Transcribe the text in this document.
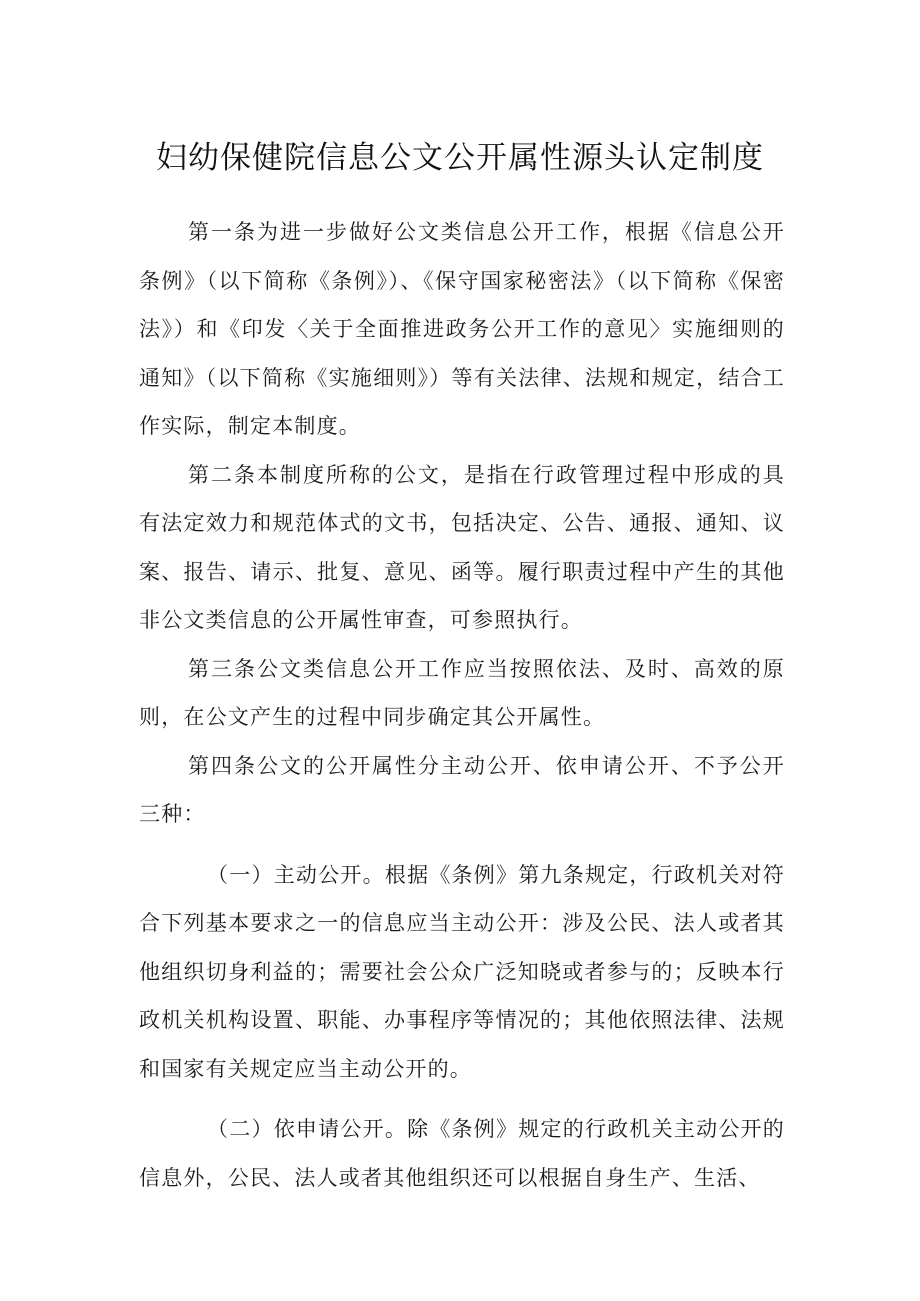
妇幼保健院信息公文公开属性源头认定制度

第一条为进一步做好公文类信息公开工作，根据《信息公开条例》（以下简称《条例》）、《保守国家秘密法》（以下简称《保密法》）和《印发〈关于全面推进政务公开工作的意见〉实施细则的通知》（以下简称《实施细则》）等有关法律、法规和规定，结合工作实际，制定本制度。

第二条本制度所称的公文，是指在行政管理过程中形成的具有法定效力和规范体式的文书，包括决定、公告、通报、通知、议案、报告、请示、批复、意见、函等。履行职责过程中产生的其他非公文类信息的公开属性审查，可参照执行。

第三条公文类信息公开工作应当按照依法、及时、高效的原则，在公文产生的过程中同步确定其公开属性。

第四条公文的公开属性分主动公开、依申请公开、不予公开三种：

（一）主动公开。根据《条例》第九条规定，行政机关对符合下列基本要求之一的信息应当主动公开：涉及公民、法人或者其他组织切身利益的；需要社会公众广泛知晓或者参与的；反映本行政机关机构设置、职能、办事程序等情况的；其他依照法律、法规和国家有关规定应当主动公开的。

（二）依申请公开。除《条例》规定的行政机关主动公开的信息外，公民、法人或者其他组织还可以根据自身生产、生活、
